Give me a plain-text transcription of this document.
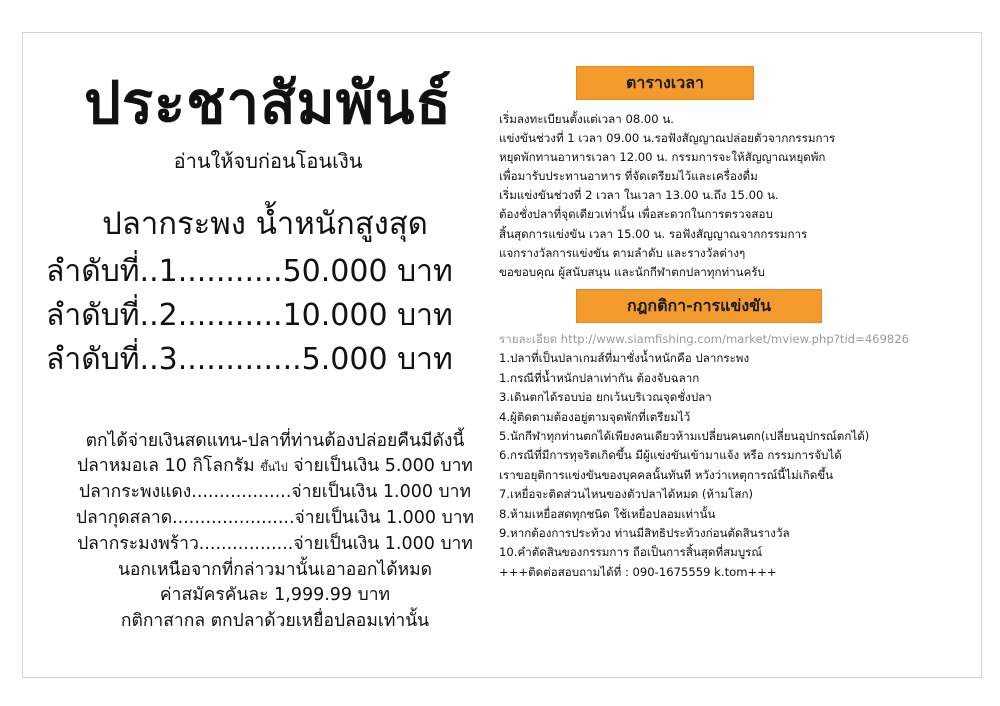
ประชาสัมพันธ์
อ่านให้จบก่อนโอนเงิน
ปลากระพง น้ำหนักสูงสุด
ลำดับที่..1...........50.000 บาท
ลำดับที่..2...........10.000 บาท
ลำดับที่..3.............5.000 บาท
ตกได้จ่ายเงินสดแทน-ปลาที่ท่านต้องปล่อยคืนมีดังนี้
ปลาหมอเล 10 กิโลกรัม ขึ้นไป จ่ายเป็นเงิน 5.000 บาท
ปลากระพงแดง..................จ่ายเป็นเงิน 1.000 บาท
ปลากุดสลาด......................จ่ายเป็นเงิน 1.000 บาท
ปลากระมงพร้าว.................จ่ายเป็นเงิน 1.000 บาท
นอกเหนือจากที่กล่าวมานั้นเอาออกได้หมด
ค่าสมัครคันละ 1,999.99 บาท
กติกาสากล ตกปลาด้วยเหยื่อปลอมเท่านั้น
ตารางเวลา
เริ่มลงทะเบียนตั้งแต่เวลา 08.00 น.
แข่งขันช่วงที่ 1 เวลา 09.00 น.รอฟังสัญญาณปล่อยตัวจากกรรมการ
หยุดพักทานอาหารเวลา 12.00 น. กรรมการจะให้สัญญาณหยุดพัก
เพื่อมารับประทานอาหาร ที่จัดเตรียมไว้และเครื่องดื่ม
เริ่มแข่งขันช่วงที่ 2 เวลา ในเวลา 13.00 น.ถึง 15.00 น.
ต้องชั่งปลาที่จุดเดียวเท่านั้น เพื่อสะดวกในการตรวจสอบ
สิ้นสุดการแข่งขัน เวลา 15.00 น. รอฟังสัญญาณจากกรรมการ
แจกรางวัลการแข่งขัน ตามลำดับ และรางวัลต่างๆ
ขอขอบคุณ ผู้สนับสนุน และนักกีฬาตกปลาทุกท่านครับ
กฎกติกา-การแข่งขัน
รายละเอียด http://www.siamfishing.com/market/mview.php?tid=469826
1.ปลาที่เป็นปลาเกมส์ที่มาชั่งน้ำหนักคือ ปลากระพง
1.กรณีที่น้ำหนักปลาเท่ากัน ต้องจับฉลาก
3.เดินตกได้รอบบ่อ ยกเว้นบริเวณจุดชั่งปลา
4.ผู้ติดตามต้องอยู่ตามจุดพักที่เตรียมไว้
5.นักกีฬาทุกท่านตกได้เพียงคนเดียวห้ามเปลี่ยนคนตก(เปลี่ยนอุปกรณ์ตกได้)
6.กรณีที่มีการทุจริตเกิดขึ้น มีผู้แข่งขันเข้ามาแจ้ง หรือ กรรมการจับได้
เราขอยุติการแข่งขันของบุคคลนั้นทันที หวังว่าเหตุการณ์นี้ไม่เกิดขึ้น
7.เหยื่อจะติดส่วนไหนของตัวปลาได้หมด (ห้ามโสก)
8.ห้ามเหยื่อสดทุกชนิด ใช้เหยื่อปลอมเท่านั้น
9.หากต้องการประท้วง ท่านมีสิทธิประท้วงก่อนตัดสินรางวัล
10.คำตัดสินของกรรมการ ถือเป็นการสิ้นสุดที่สมบูรณ์
+++ติดต่อสอบถามได้ที่ : 090-1675559 k.tom+++
